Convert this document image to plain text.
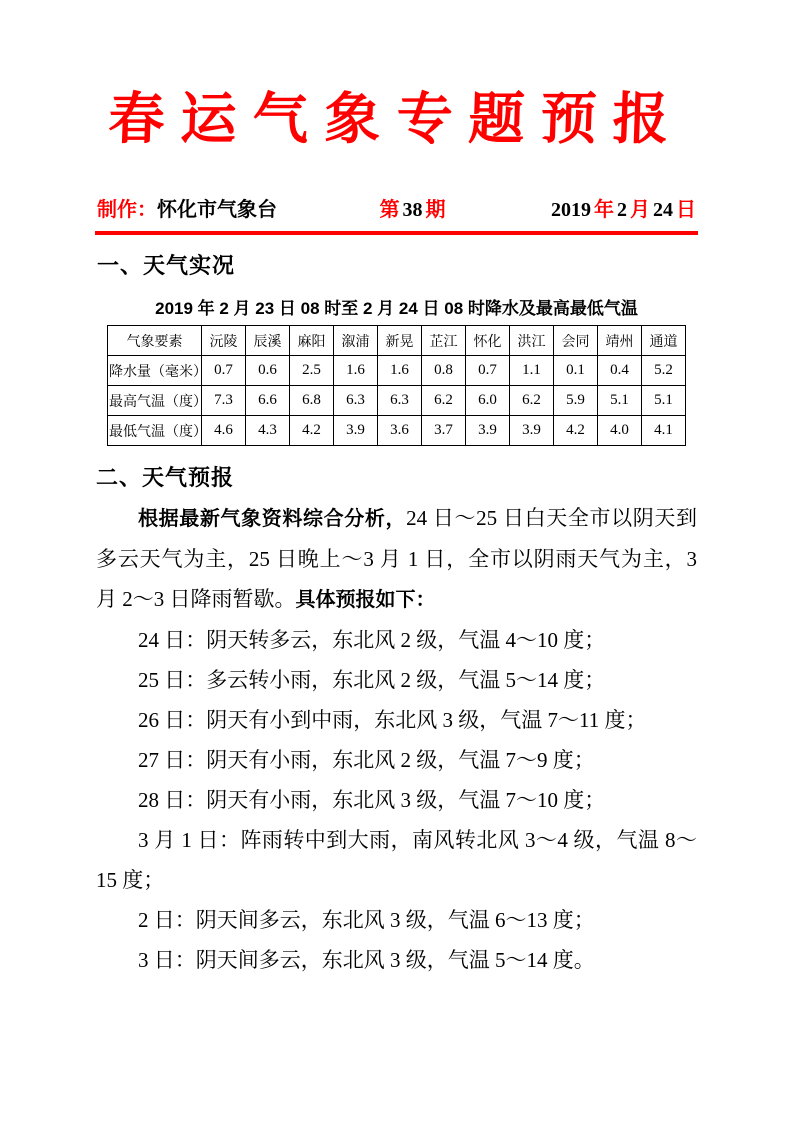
春运气象专题预报
制作：怀化市气象台	第 38 期	2019 年 2 月 24 日
一、天气实况
2019 年 2 月 23 日 08 时至 2 月 24 日 08 时降水及最高最低气温
气象要素	沅陵	辰溪	麻阳	溆浦	新晃	芷江	怀化	洪江	会同	靖州	通道
降水量（毫米）	0.7	0.6	2.5	1.6	1.6	0.8	0.7	1.1	0.1	0.4	5.2
最高气温（度）	7.3	6.6	6.8	6.3	6.3	6.2	6.0	6.2	5.9	5.1	5.1
最低气温（度）	4.6	4.3	4.2	3.9	3.6	3.7	3.9	3.9	4.2	4.0	4.1
二、天气预报

根据最新气象资料综合分析，24 日～25 日白天全市以阴天到多云天气为主，25 日晚上～3 月 1 日，全市以阴雨天气为主，3 月 2～3 日降雨暂歇。具体预报如下：

24 日：阴天转多云，东北风 2 级，气温 4～10 度；

25 日：多云转小雨，东北风 2 级，气温 5～14 度；

26 日：阴天有小到中雨，东北风 3 级，气温 7～11 度；

27 日：阴天有小雨，东北风 2 级，气温 7～9 度；

28 日：阴天有小雨，东北风 3 级，气温 7～10 度；

3 月 1 日：阵雨转中到大雨，南风转北风 3～4 级，气温 8～15 度；

2 日：阴天间多云，东北风 3 级，气温 6～13 度；

3 日：阴天间多云，东北风 3 级，气温 5～14 度。
